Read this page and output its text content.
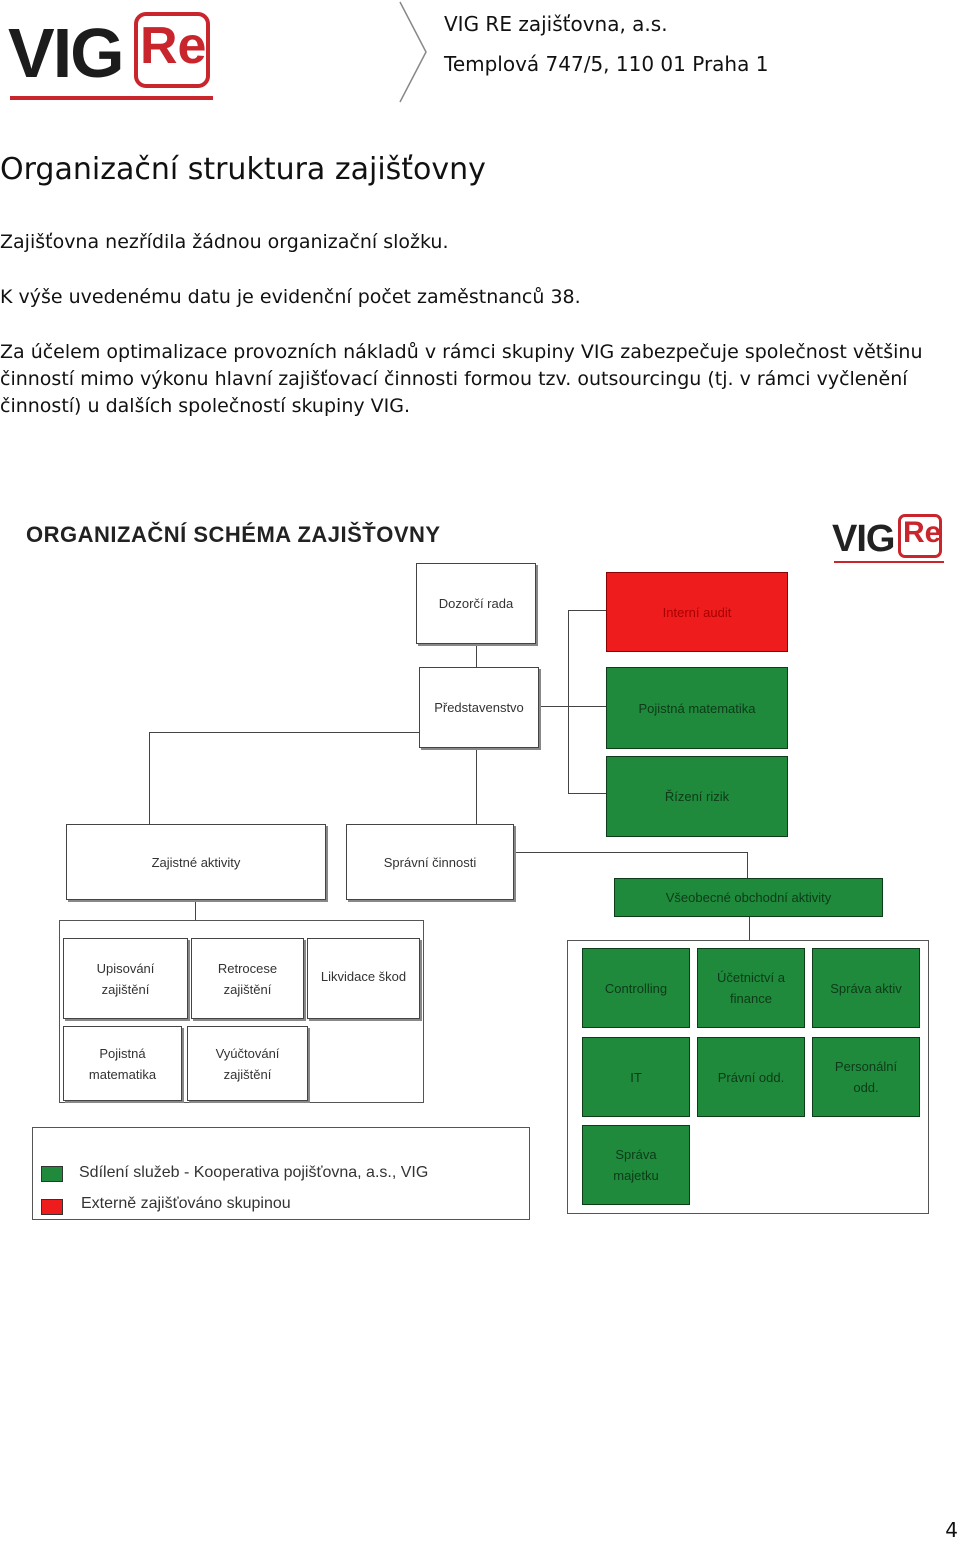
VIG Re	VIG RE zajišťovna, a.s.
Templová 747/5, 110 01 Praha 1
Organizační struktura zajišťovny
Zajišťovna nezřídila žádnou organizační složku.
K výše uvedenému datu je evidenční počet zaměstnanců 38.
Za účelem optimalizace provozních nákladů v rámci skupiny VIG zabezpečuje společnost většinu činností mimo výkonu hlavní zajišťovací činnosti formou tzv. outsourcingu (tj. v rámci vyčlenění činností) u dalších společností skupiny VIG.
ORGANIZAČNÍ SCHÉMA ZAJIŠŤOVNY	VIG Re
Dozorčí rada
Představenstvo
Interní audit
Pojistná matematika
Řízení rizik
Zajistné aktivity	Správní činnosti
Všeobecné obchodní aktivity
Upisování zajištění
Retrocese zajištění
Likvidace škod
Pojistná matematika
Vyúčtování zajištění
Controlling
Účetnictví a finance
Správa aktiv
IT	Právní odd.
Personální odd.
Správa majetku
Sdílení služeb - Kooperativa pojišťovna, a.s., VIG
Externě zajišťováno skupinou
4
